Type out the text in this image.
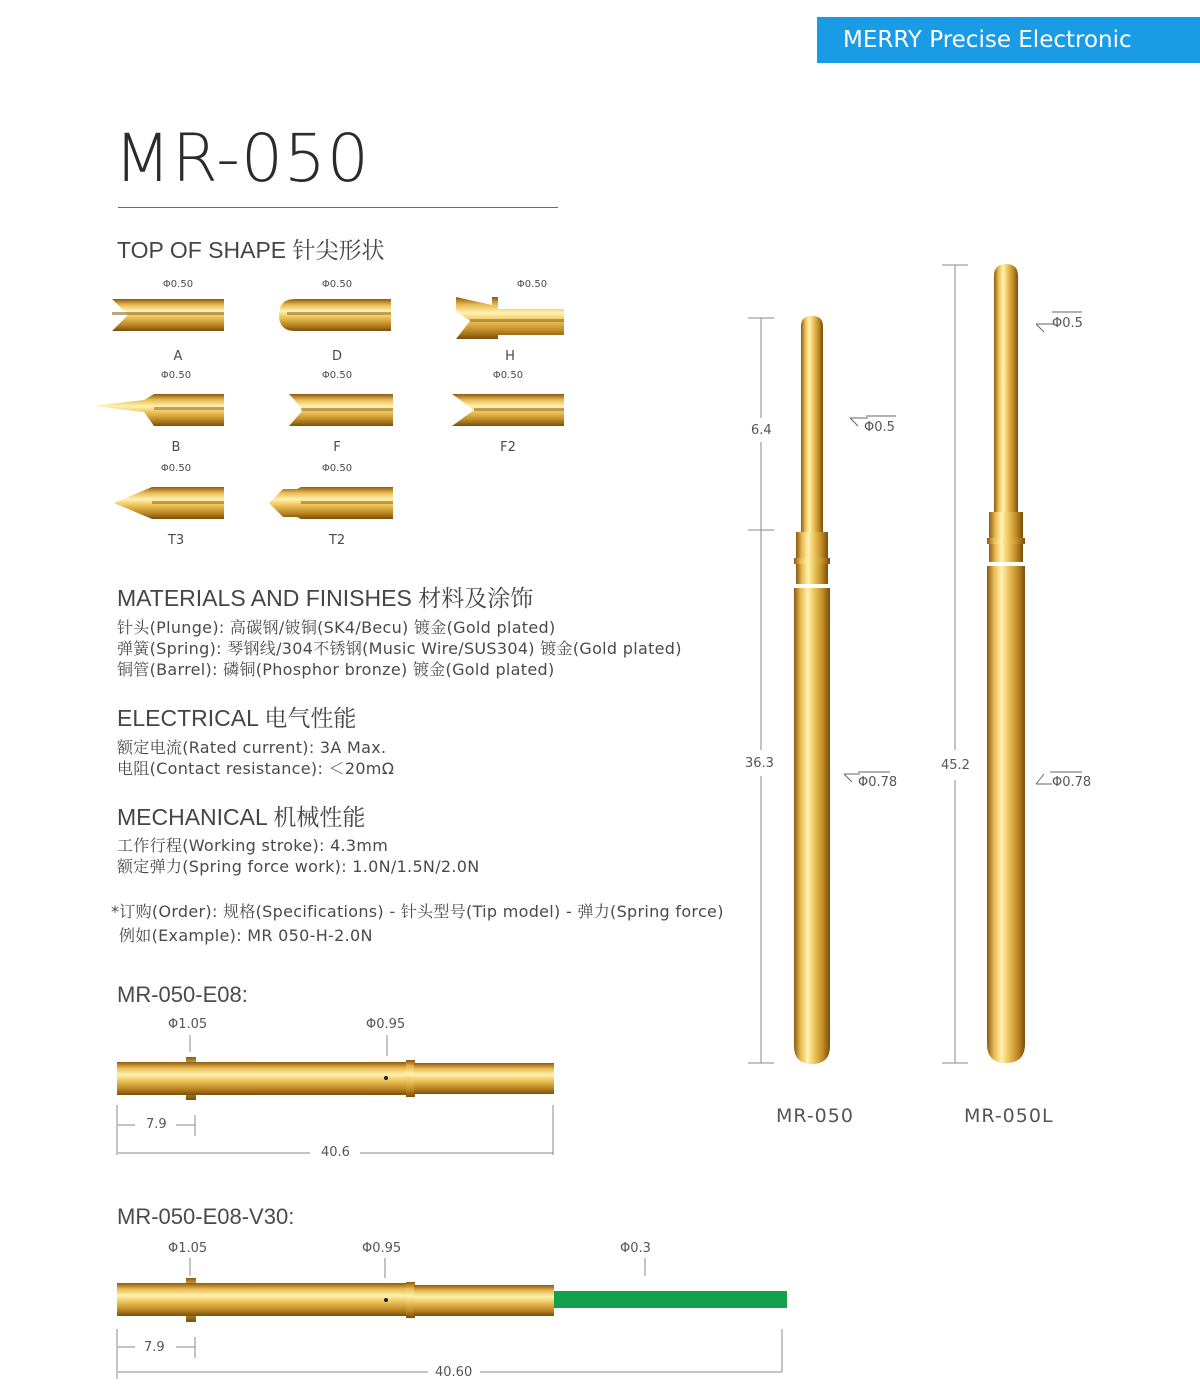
MERRY Precise Electronic
MR-050
TOP OF SHAPE 针尖形状
Φ0.50
A
Φ0.50
D
Φ0.50
H
Φ0.50
B
Φ0.50
F
Φ0.50
F2
Φ0.50
T3
Φ0.50
T2
MATERIALS AND FINISHES 材料及涂饰
针头(Plunge): 高碳钢/铍铜(SK4/Becu) 镀金(Gold plated)
弹簧(Spring): 琴钢线/304不锈钢(Music Wire/SUS304) 镀金(Gold plated)
铜管(Barrel): 磷铜(Phosphor bronze) 镀金(Gold plated)
ELECTRICAL 电气性能
额定电流(Rated current): 3A Max.
电阻(Contact resistance): ＜20mΩ
MECHANICAL 机械性能
工作行程(Working stroke): 4.3mm
额定弹力(Spring force work): 1.0N/1.5N/2.0N
*订购(Order): 规格(Specifications) - 针头型号(Tip model) - 弹力(Spring force)
例如(Example): MR 050-H-2.0N
MR-050-E08:
Φ1.05	Φ0.95
7.9
40.6
MR-050-E08-V30:
Φ1.05	Φ0.95	Φ0.3
7.9
40.60
6.4
36.3
Φ0.5
Φ0.78
MR-050
45.2
Φ0.5
Φ0.78
MR-050L
